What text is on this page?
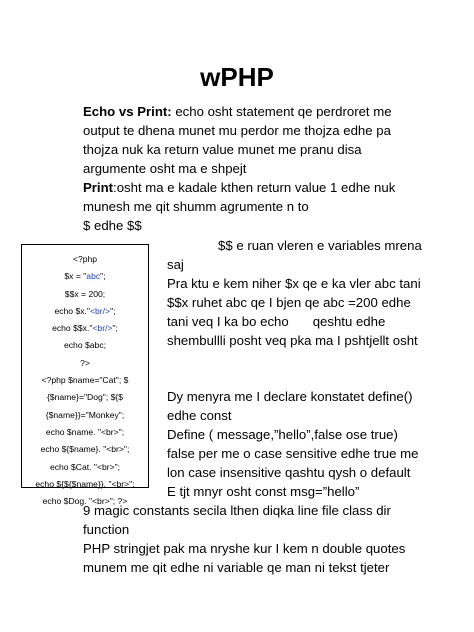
wPHP
Echo vs Print: echo osht statement qe perdroret me
output te dhena munet mu perdor me thojza edhe pa
thojza nuk ka return value munet me pranu disa
argumente osht ma e shpejt
Print:osht ma e kadale kthen return value 1 edhe nuk
munesh me qit shumm agrumente n to
$ edhe $$
<?php
$x = "abc";
$$x = 200;
echo $x."<br/>";
echo $$x."<br/>";
echo $abc;
?>
<?php $name="Cat"; $
{$name}="Dog"; ${$
{$name}}="Monkey";
echo $name. "<br>";
echo ${$name}. "<br>";
echo $Cat. "<br>";
echo ${${$name}}. "<br>";
echo $Dog. "<br>"; ?>
$$ e ruan vleren e variables mrena
saj
Pra ktu e kem niher $x qe e ka vler abc tani
$$x ruhet abc qe I bjen qe abc =200 edhe
tani veq I ka bo echo qeshtu edhe
shembullli posht veq pka ma I pshtjellt osht
Dy menyra me I declare konstatet define()
edhe const
Define ( message,”hello”,false ose true)
false per me o case sensitive edhe true me
lon case insensitive qashtu qysh o default
E tjt mnyr osht const msg=”hello”
9 magic constants secila lthen diqka line file class dir
function
PHP stringjet pak ma nryshe kur I kem n double quotes
munem me qit edhe ni variable qe man ni tekst tjeter
